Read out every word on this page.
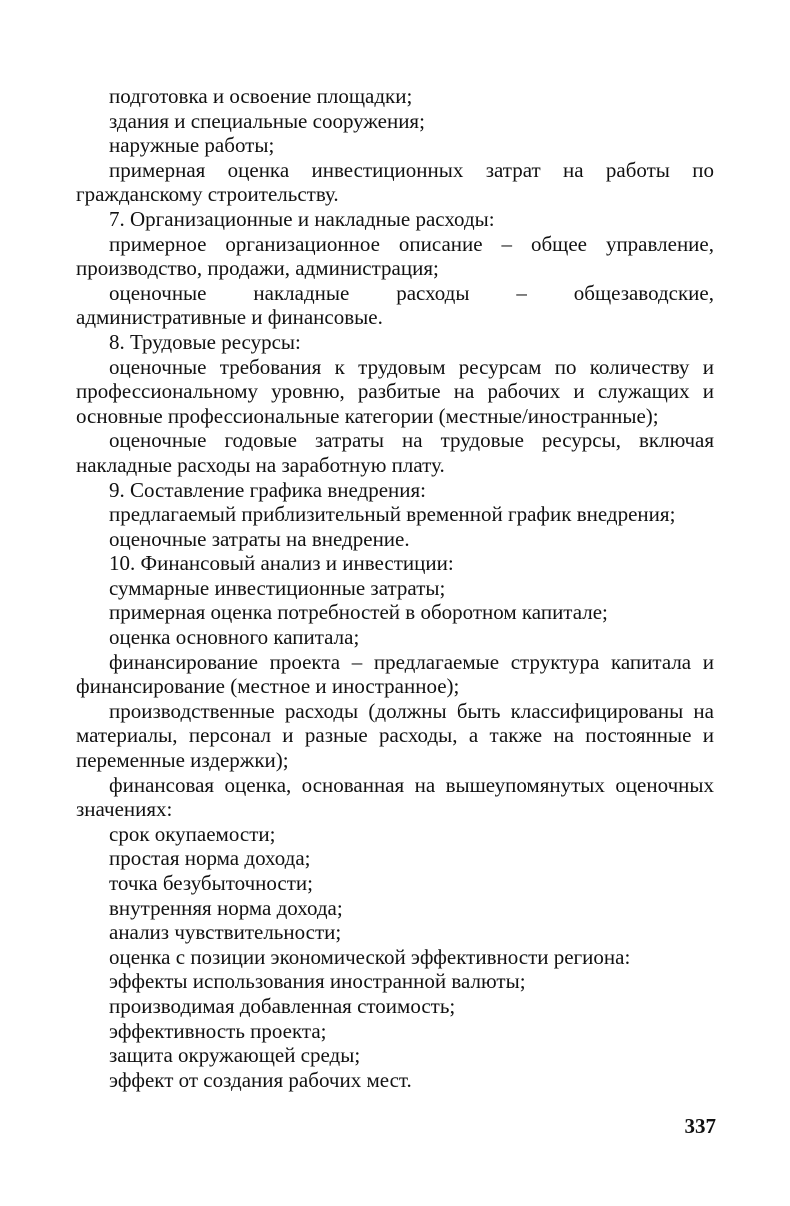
подготовка и освоение площадки;

здания и специальные сооружения;

наружные работы;

примерная оценка инвестиционных затрат на работы по гражданскому строительству.

7. Организационные и накладные расходы:

примерное организационное описание – общее управление, производство, продажи, администрация;

оценочные накладные расходы – общезаводские, административные и финансовые.

8. Трудовые ресурсы:

оценочные требования к трудовым ресурсам по количеству и профессиональному уровню, разбитые на рабочих и служащих и основные профессиональные категории (местные/иностранные);

оценочные годовые затраты на трудовые ресурсы, включая накладные расходы на заработную плату.

9. Составление графика внедрения:

предлагаемый приблизительный временной график внедрения;

оценочные затраты на внедрение.

10. Финансовый анализ и инвестиции:

суммарные инвестиционные затраты;

примерная оценка потребностей в оборотном капитале;

оценка основного капитала;

финансирование проекта – предлагаемые структура капитала и финансирование (местное и иностранное);

производственные расходы (должны быть классифицированы на материалы, персонал и разные расходы, а также на постоянные и переменные издержки);

финансовая оценка, основанная на вышеупомянутых оценочных значениях:

срок окупаемости;

простая норма дохода;

точка безубыточности;

внутренняя норма дохода;

анализ чувствительности;

оценка с позиции экономической эффективности региона:

эффекты использования иностранной валюты;

производимая добавленная стоимость;

эффективность проекта;

защита окружающей среды;

эффект от создания рабочих мест.

337
